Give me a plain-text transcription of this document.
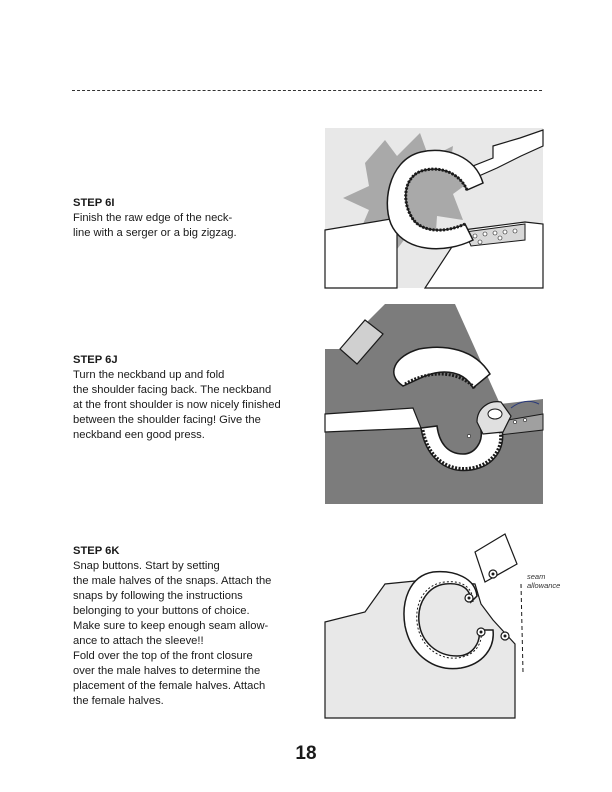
STEP 6I
Finish the raw edge of the neck-
line with a serger or a big zigzag.

STEP 6J
Turn the neckband up and fold
the shoulder facing back. The neckband
at the front shoulder is now nicely finished
between the shoulder facing! Give the
neckband een good press.

STEP 6K
Snap buttons. Start by setting
the male halves of the snaps. Attach the
snaps by following the instructions
belonging to your buttons of choice.
Make sure to keep enough seam allow-
ance to attach the sleeve!!
Fold over the top of the front closure
over the male halves to determine the
placement of the female halves. Attach
the female halves.

seam
allowance
18
